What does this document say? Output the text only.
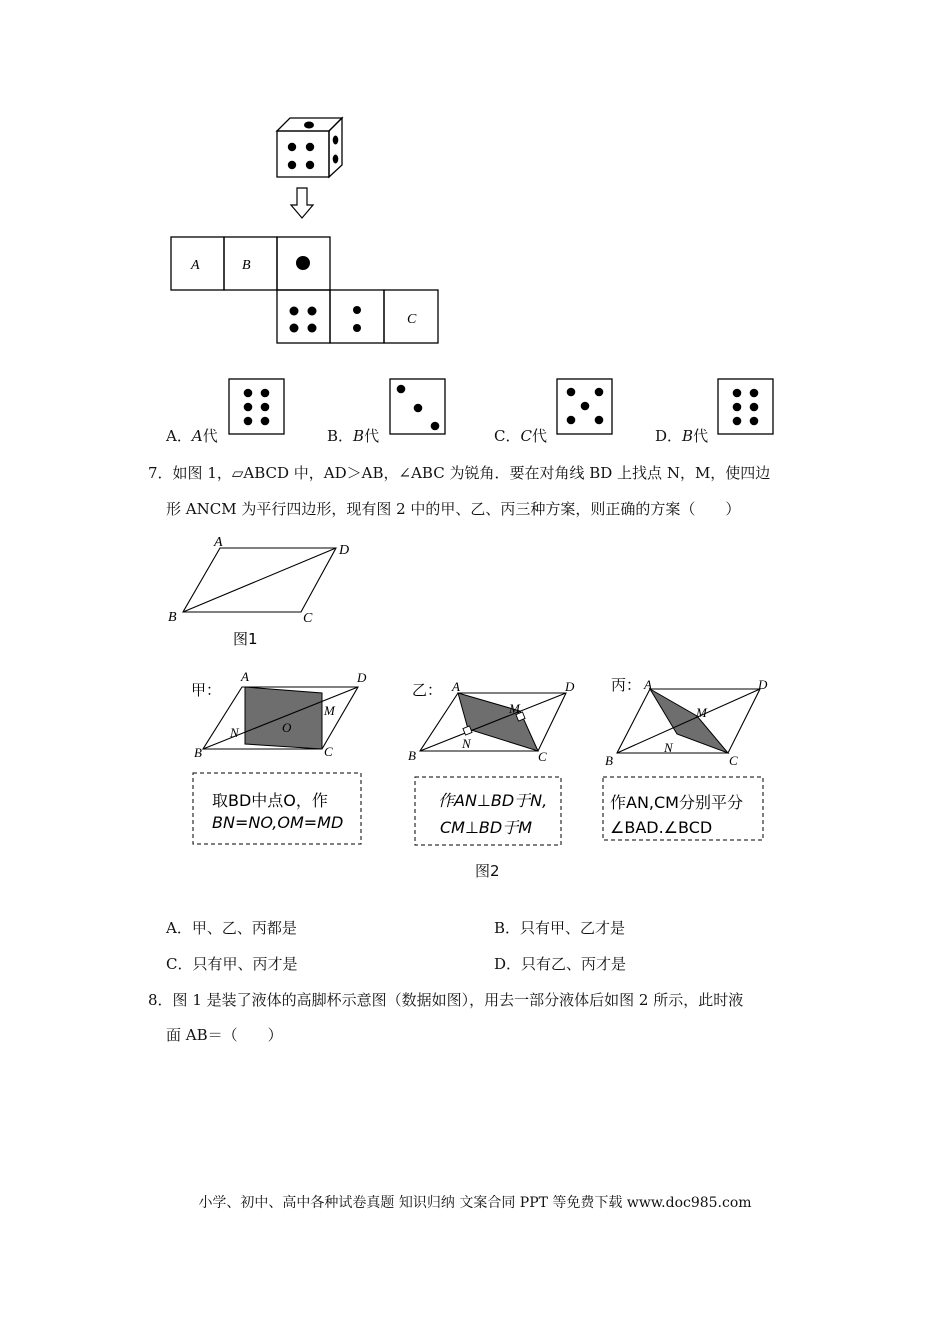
A	B
C
A．A代	B．B代	C．C代	D．B代
7．如图 1，▱ABCD 中，AD＞AB，∠ABC 为锐角．要在对角线 BD 上找点 N，M，使四边
形 ANCM 为平行四边形，现有图 2 中的甲、乙、丙三种方案，则正确的方案（　　）
A
D
B	C
图1
甲：
A	D
B	C
N
M
O
取BD中点O，作
BN=NO,OM=MD
乙： A	D
B	C
N
M
作AN⊥BD于N,
CM⊥BD于M
丙： A	D
B	C
N
M
作AN,CM分别平分
∠BAD.∠BCD
图2
A．甲、乙、丙都是	B．只有甲、乙才是
C．只有甲、丙才是	D．只有乙、丙才是
8．图 1 是装了液体的高脚杯示意图（数据如图），用去一部分液体后如图 2 所示，此时液
面 AB＝（　　）
小学、初中、高中各种试卷真题 知识归纳 文案合同 PPT 等免费下载 www.doc985.com
